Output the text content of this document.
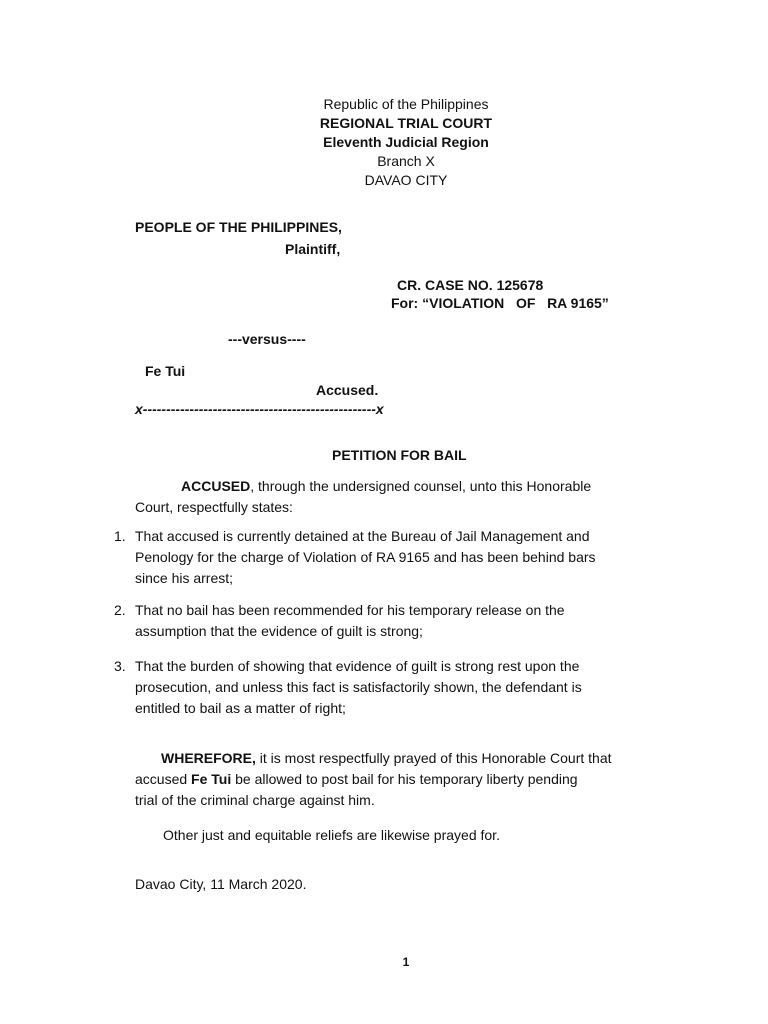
Republic of the Philippines
REGIONAL TRIAL COURT
Eleventh Judicial Region
Branch X
DAVAO CITY
PEOPLE OF THE PHILIPPINES,
Plaintiff,
CR. CASE NO. 125678
For: “VIOLATION   OF   RA 9165”
---versus----
Fe Tui
Accused.
x--------------------------------------------------x
PETITION FOR BAIL
ACCUSED, through the undersigned counsel, unto this Honorable
Court, respectfully states:
1. That accused is currently detained at the Bureau of Jail Management and
Penology for the charge of Violation of RA 9165 and has been behind bars
since his arrest;
2. That no bail has been recommended for his temporary release on the
assumption that the evidence of guilt is strong;
3. That the burden of showing that evidence of guilt is strong rest upon the
prosecution, and unless this fact is satisfactorily shown, the defendant is
entitled to bail as a matter of right;
WHEREFORE, it is most respectfully prayed of this Honorable Court that
accused Fe Tui be allowed to post bail for his temporary liberty pending
trial of the criminal charge against him.
Other just and equitable reliefs are likewise prayed for.
Davao City, 11 March 2020.
1
